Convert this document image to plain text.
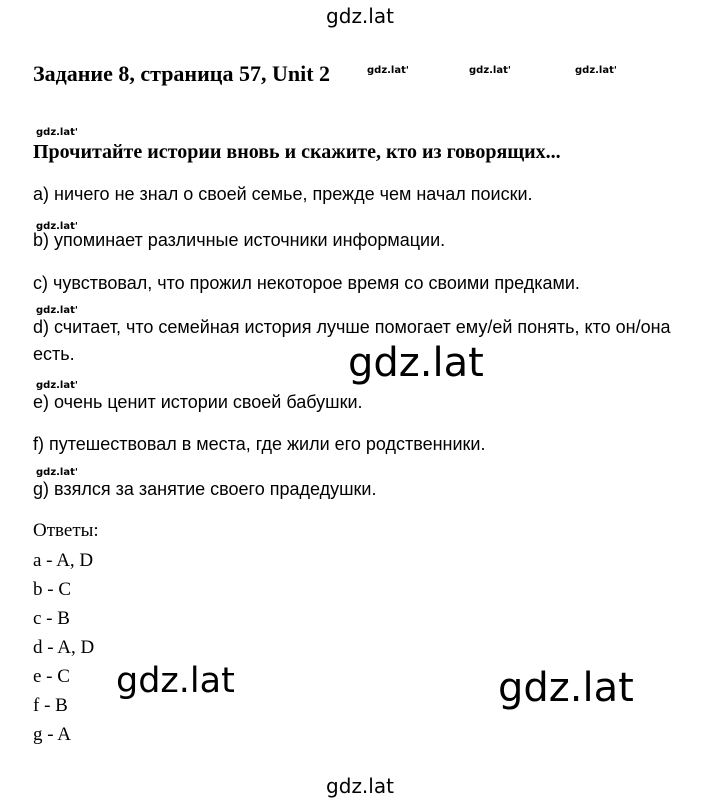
gdz.lat
Задание 8, страница 57, Unit 2	gdz.lat '	gdz.lat '	gdz.lat '
gdz.lat '
Прочитайте истории вновь и скажите, кто из говорящих...

a) ничего не знал о своей семье, прежде чем начал поиски.

gdz.lat '

b) упоминает различные источники информации.

c) чувствовал, что прожил некоторое время со своими предками.

gdz.lat '

d) считает, что семейная история лучше помогает ему/ей понять, кто он/она есть.	gdz.lat
gdz.lat '

e) очень ценит истории своей бабушки.

f) путешествовал в места, где жили его родственники.

gdz.lat '

g) взялся за занятие своего прадедушки.

Ответы:

a - A, D

b - C

c - B

d - A, D

e - C

f - B

g - A

gdz.lat	gdz.lat
gdz.lat
